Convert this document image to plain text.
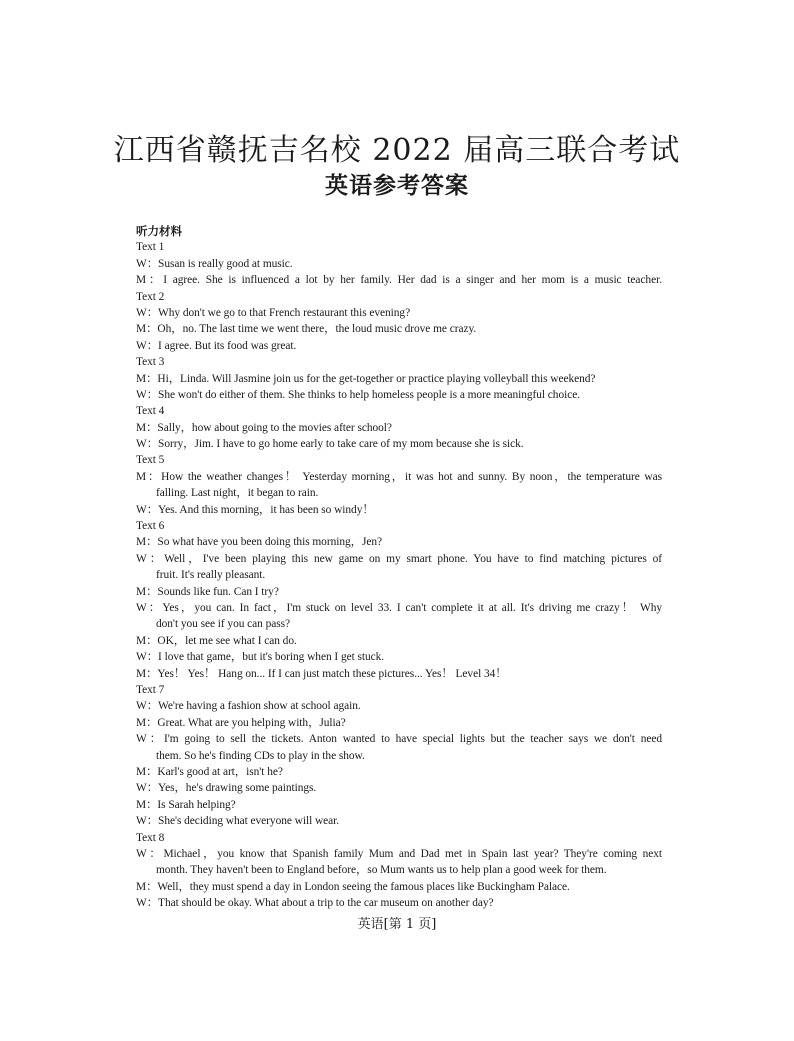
江西省赣抚吉名校 2022 届高三联合考试
英语参考答案
听力材料
Text 1
W：Susan is really good at music.
M：I agree. She is influenced a lot by her family. Her dad is a singer and her mom is a music teacher.
Text 2
W：Why don't we go to that French restaurant this evening?
M：Oh，no. The last time we went there，the loud music drove me crazy.
W：I agree. But its food was great.
Text 3
M：Hi，Linda. Will Jasmine join us for the get-together or practice playing volleyball this weekend?
W：She won't do either of them. She thinks to help homeless people is a more meaningful choice.
Text 4
M：Sally，how about going to the movies after school?
W：Sorry，Jim. I have to go home early to take care of my mom because she is sick.
Text 5
M：How the weather changes！ Yesterday morning，it was hot and sunny. By noon，the temperature was
falling. Last night，it began to rain.
W：Yes. And this morning，it has been so windy！
Text 6
M：So what have you been doing this morning，Jen?
W：Well，I've been playing this new game on my smart phone. You have to find matching pictures of
fruit. It's really pleasant.
M：Sounds like fun. Can I try?
W：Yes，you can. In fact，I'm stuck on level 33. I can't complete it at all. It's driving me crazy！ Why
don't you see if you can pass?
M：OK，let me see what I can do.
W：I love that game，but it's boring when I get stuck.
M：Yes！ Yes！ Hang on... If I can just match these pictures... Yes！ Level 34！
Text 7
W：We're having a fashion show at school again.
M：Great. What are you helping with，Julia?
W：I'm going to sell the tickets. Anton wanted to have special lights but the teacher says we don't need
them. So he's finding CDs to play in the show.
M：Karl's good at art，isn't he?
W：Yes，he's drawing some paintings.
M：Is Sarah helping?
W：She's deciding what everyone will wear.
Text 8
W：Michael，you know that Spanish family Mum and Dad met in Spain last year? They're coming next
month. They haven't been to England before，so Mum wants us to help plan a good week for them.
M：Well，they must spend a day in London seeing the famous places like Buckingham Palace.
W：That should be okay. What about a trip to the car museum on another day?
英语[第 1 页]
